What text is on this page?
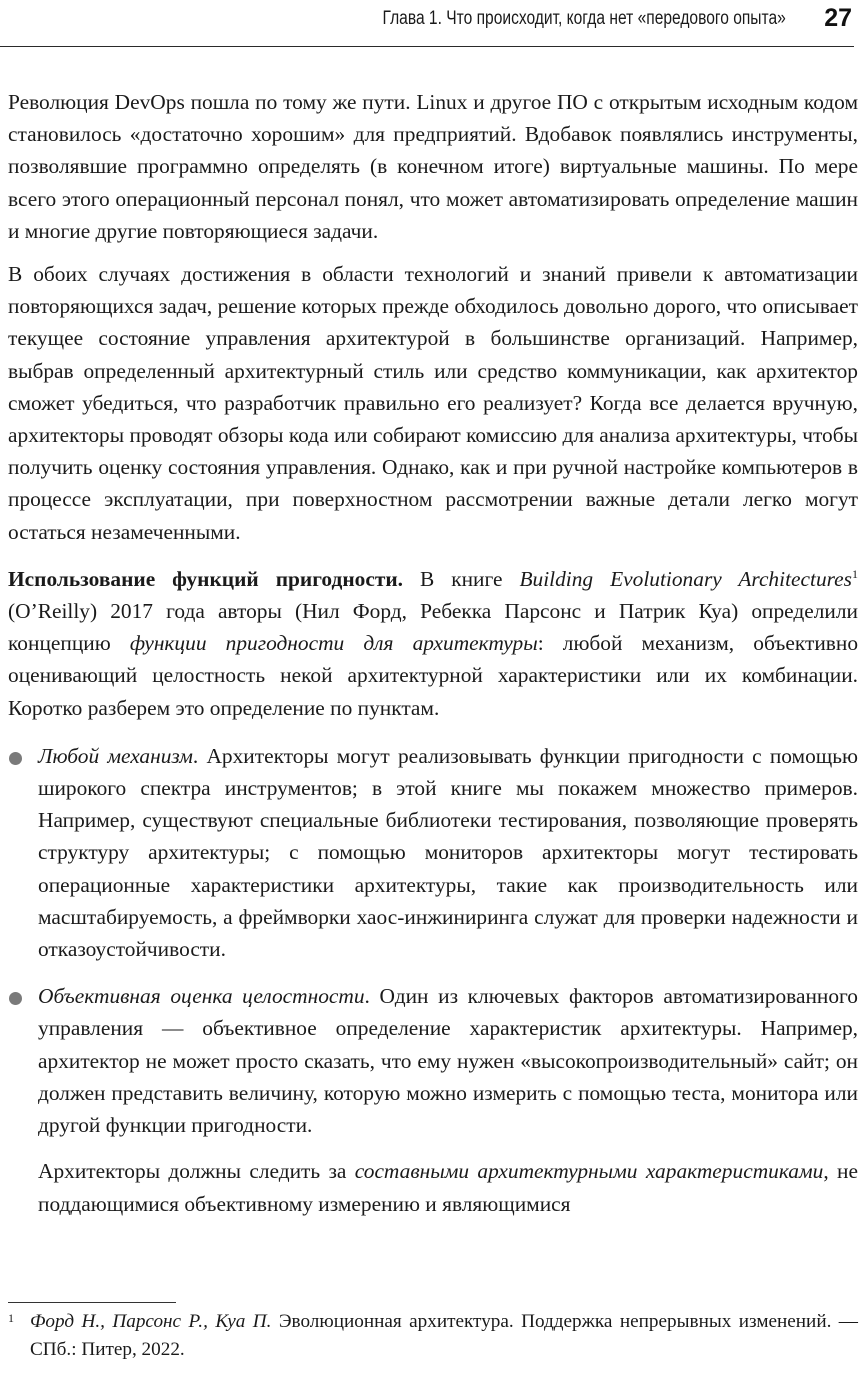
Глава 1. Что происходит, когда нет «передового опыта» 27

Революция DevOps пошла по тому же пути. Linux и другое ПО с открытым исходным кодом становилось «достаточно хорошим» для предприятий. Вдобавок появлялись инструменты, позволявшие программно определять (в конечном итоге) виртуальные машины. По мере всего этого операционный персонал понял, что может автоматизировать определение машин и многие другие повторяющиеся задачи.

В обоих случаях достижения в области технологий и знаний привели к автоматизации повторяющихся задач, решение которых прежде обходилось довольно дорого, что описывает текущее состояние управления архитектурой в большинстве организаций. Например, выбрав определенный архитектурный стиль или средство коммуникации, как архитектор сможет убедиться, что разработчик правильно его реализует? Когда все делается вручную, архитекторы проводят обзоры кода или собирают комиссию для анализа архитектуры, чтобы получить оценку состояния управления. Однако, как и при ручной настройке компьютеров в процессе эксплуатации, при поверхностном рассмотрении важные детали легко могут остаться незамеченными.

Использование функций пригодности. В книге Building Evolutionary Architectures$^1$ (O’Reilly) 2017 года авторы (Нил Форд, Ребекка Парсонс и Патрик Куа) определили концепцию функции пригодности для архитектуры: любой механизм, объективно оценивающий целостность некой архитектурной характеристики или их комбинации. Коротко разберем это определение по пунктам.

Любой механизм. Архитекторы могут реализовывать функции пригодности с помощью широкого спектра инструментов; в этой книге мы покажем множество примеров. Например, существуют специальные библиотеки тестирования, позволяющие проверять структуру архитектуры; с помощью мониторов архитекторы могут тестировать операционные характеристики архитектуры, такие как производительность или масштабируемость, а фреймворки хаос-инжиниринга служат для проверки надежности и отказоустойчивости.
Объективная оценка целостности. Один из ключевых факторов автоматизированного управления — объективное определение характеристик архитектуры. Например, архитектор не может просто сказать, что ему нужен «высокопроизводительный» сайт; он должен представить величину, которую можно измерить с помощью теста, монитора или другой функции пригодности.

Архитекторы должны следить за составными архитектурными характеристиками, не поддающимися объективному измерению и являющимися

1 Форд Н., Парсонс Р., Куа П. Эволюционная архитектура. Поддержка непрерывных изменений. — СПб.: Питер, 2022.
